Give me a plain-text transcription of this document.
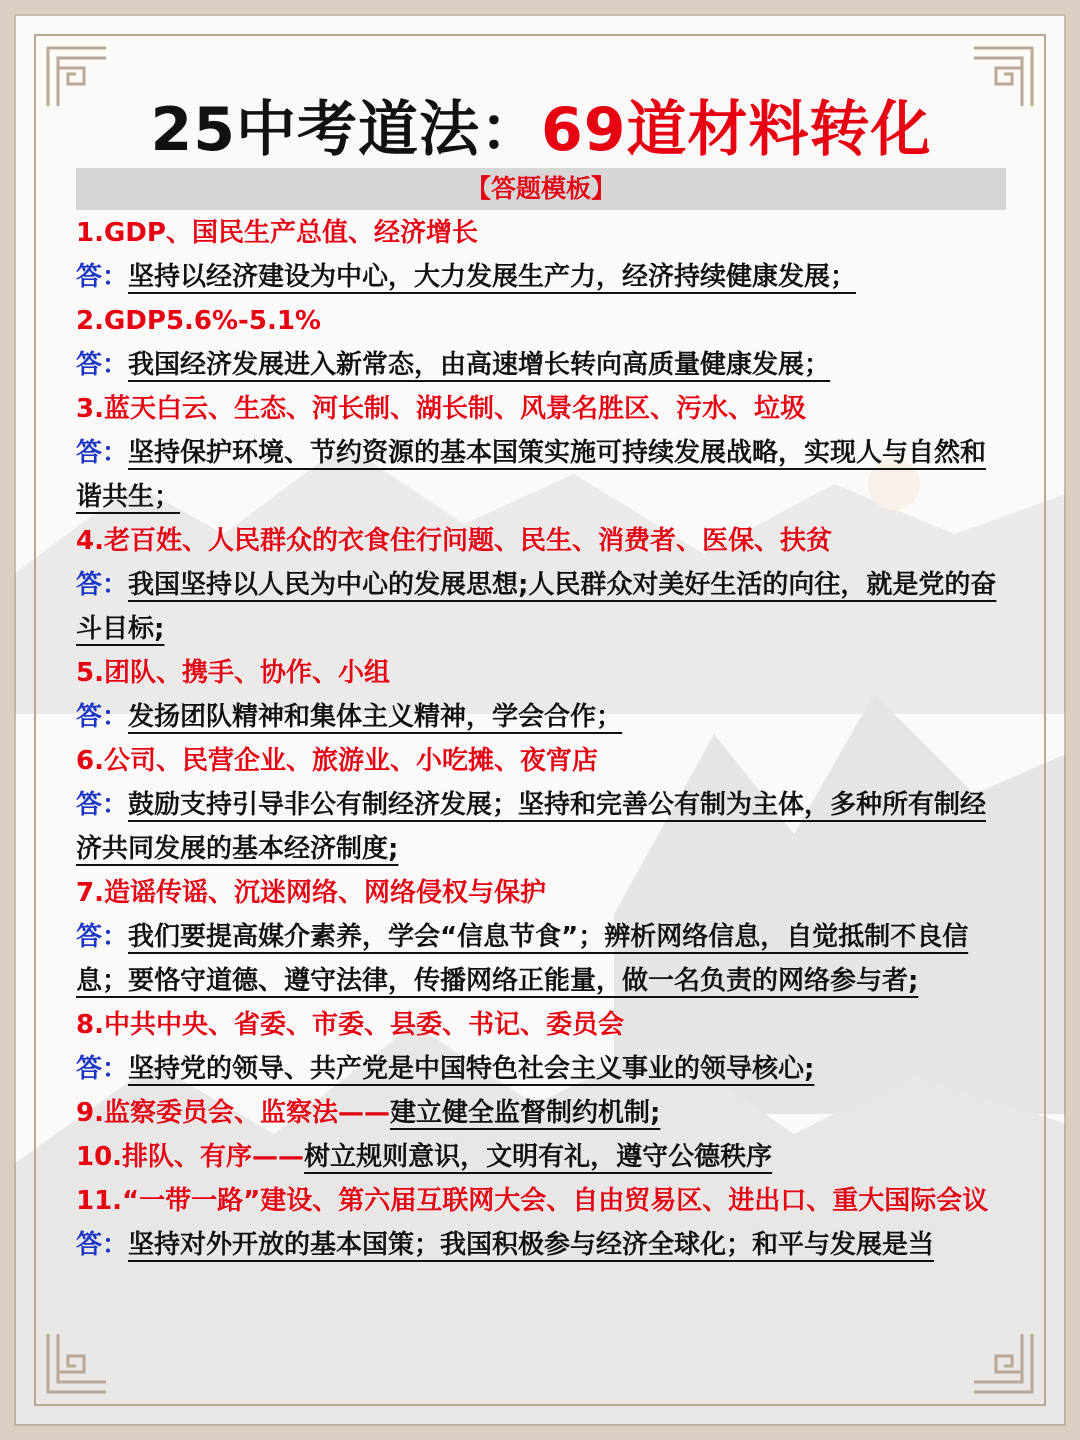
25中考道法：69道材料转化
【答题模板】
1.GDP、国民生产总值、经济增长
答：坚持以经济建设为中心，大力发展生产力，经济持续健康发展；
2.GDP5.6%-5.1%
答：我国经济发展进入新常态，由高速增长转向高质量健康发展；
3.蓝天白云、生态、河长制、湖长制、风景名胜区、污水、垃圾
答：坚持保护环境、节约资源的基本国策实施可持续发展战略，实现人与自然和谐共生；
4.老百姓、人民群众的衣食住行问题、民生、消费者、医保、扶贫
答：我国坚持以人民为中心的发展思想;人民群众对美好生活的向往，就是党的奋斗目标;
5.团队、携手、协作、小组
答：发扬团队精神和集体主义精神，学会合作；
6.公司、民营企业、旅游业、小吃摊、夜宵店
答：鼓励支持引导非公有制经济发展；坚持和完善公有制为主体，多种所有制经济共同发展的基本经济制度;
7.造谣传谣、沉迷网络、网络侵权与保护
答：我们要提高媒介素养，学会“信息节食”；辨析网络信息，自觉抵制不良信息；要恪守道德、遵守法律，传播网络正能量，做一名负责的网络参与者;
8.中共中央、省委、市委、县委、书记、委员会
答：坚持党的领导、共产党是中国特色社会主义事业的领导核心;
9.监察委员会、监察法——建立健全监督制约机制;
10.排队、有序——树立规则意识，文明有礼，遵守公德秩序
11.“一带一路”建设、第六届互联网大会、自由贸易区、进出口、重大国际会议
答：坚持对外开放的基本国策；我国积极参与经济全球化；和平与发展是当
